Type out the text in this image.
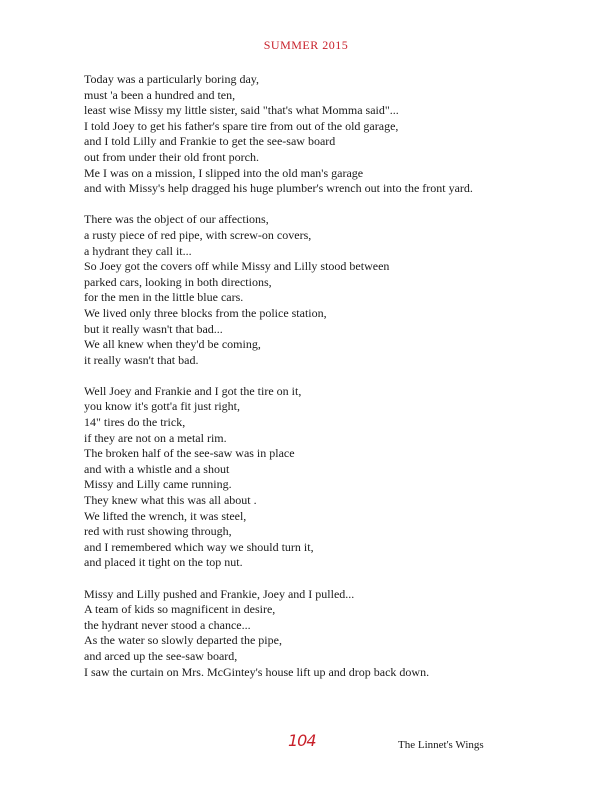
SUMMER 2015
Today was a particularly boring day,
must 'a been a hundred and ten,
least wise Missy my little sister, said "that's what Momma said"...
I told Joey to get his father's spare tire from out of the old garage,
and I told Lilly and Frankie to get the see-saw board
out from under their old front porch.
Me I was on a mission, I slipped into the old man's garage
and with Missy's help dragged his huge plumber's wrench out into the front yard.
There was the object of our affections,
a rusty piece of red pipe, with screw-on covers,
a hydrant they call it...
So Joey got the covers off while Missy and Lilly stood between
parked cars, looking in both directions,
for the men in the little blue cars.
We lived only three blocks from the police station,
but it really wasn't that bad...
We all knew when they'd be coming,
it really wasn't that bad.
Well Joey and Frankie and I got the tire on it,
you know it's gott'a fit just right,
14" tires do the trick,
if they are not on a metal rim.
The broken half of the see-saw was in place
and with a whistle and a shout
Missy and Lilly came running.
They knew what this was all about .
We lifted the wrench, it was steel,
red with rust showing through,
and I remembered which way we should turn it,
and placed it tight on the top nut.
Missy and Lilly pushed and Frankie, Joey and I pulled...
A team of kids so magnificent in desire,
the hydrant never stood a chance...
As the water so slowly departed the pipe,
and arced up the see-saw board,
I saw the curtain on Mrs. McGintey's house lift up and drop back down.
104	The Linnet's Wings
